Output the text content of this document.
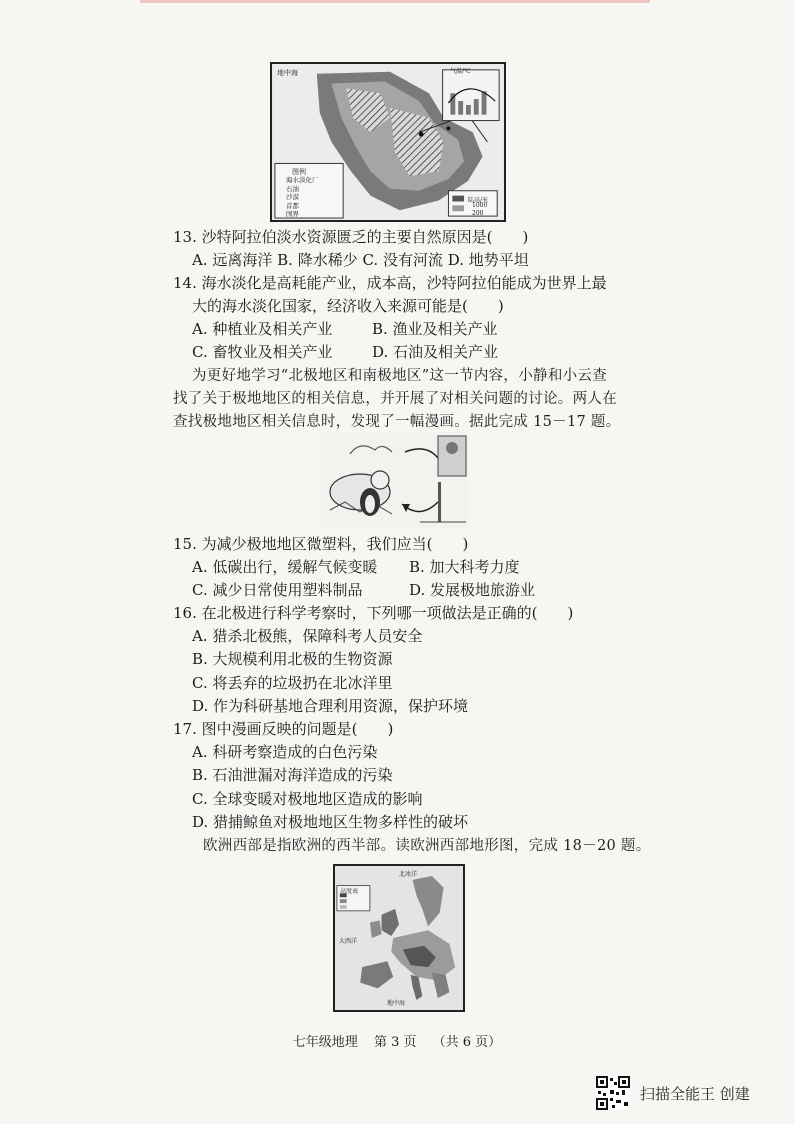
地中海	气温/℃
图例
海水淡化厂
石油
沙漠
首都
国界
陆高/米
1000
200
13. 沙特阿拉伯淡水资源匮乏的主要自然原因是(　　)
A. 远离海洋 B. 降水稀少 C. 没有河流 D. 地势平坦
14. 海水淡化是高耗能产业，成本高，沙特阿拉伯能成为世界上最
大的海水淡化国家，经济收入来源可能是(　　)
A. 种植业及相关产业	B. 渔业及相关产业
C. 畜牧业及相关产业	D. 石油及相关产业
为更好地学习“北极地区和南极地区”这一节内容，小静和小云查
找了关于极地地区的相关信息，并开展了对相关问题的讨论。两人在
查找极地地区相关信息时，发现了一幅漫画。据此完成 15－17 题。
15. 为减少极地地区微塑料，我们应当(　　)
A. 低碳出行，缓解气候变暖 B. 加大科考力度
C. 减少日常使用塑料制品	D. 发展极地旅游业
16. 在北极进行科学考察时，下列哪一项做法是正确的(　　)
A. 猎杀北极熊，保障科考人员安全
B. 大规模利用北极的生物资源
C. 将丢弃的垃圾扔在北冰洋里
D. 作为科研基地合理利用资源，保护环境
17. 图中漫画反映的问题是(　　)
A. 科研考察造成的白色污染
B. 石油泄漏对海洋造成的污染
C. 全球变暖对极地地区造成的影响
D. 猎捕鲸鱼对极地地区生物多样性的破坏
欧洲西部是指欧洲的西半部。读欧洲西部地形图，完成 18－20 题。
北冰洋
高度表
大西洋
地中海
七年级地理 第 3 页 （共 6 页）
扫描全能王 创建
